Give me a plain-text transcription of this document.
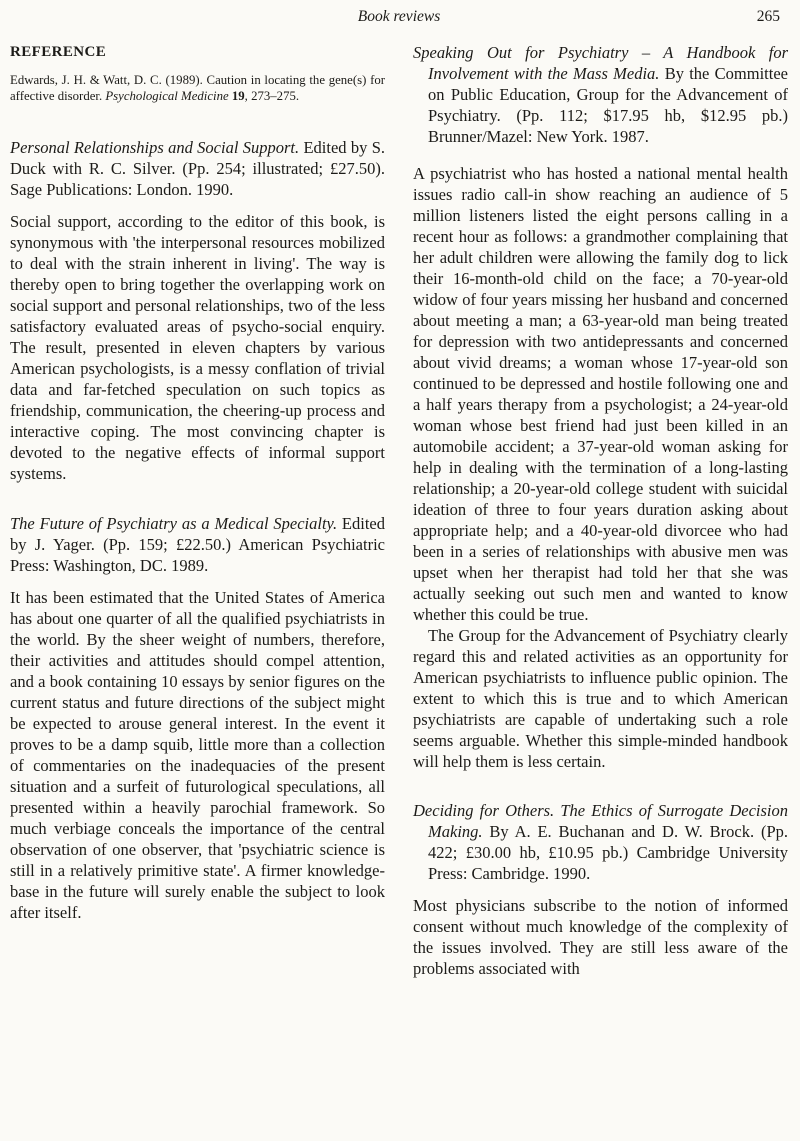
Book reviews	265
REFERENCE

Edwards, J. H. & Watt, D. C. (1989). Caution in locating the gene(s) for affective disorder. Psychological Medicine 19, 273–275.

Personal Relationships and Social Support. Edited by S. Duck with R. C. Silver. (Pp. 254; illustrated; £27.50). Sage Publications: London. 1990.

Social support, according to the editor of this book, is synonymous with 'the interpersonal resources mobilized to deal with the strain inherent in living'. The way is thereby open to bring together the overlapping work on social support and personal relationships, two of the less satisfactory evaluated areas of psycho-social enquiry. The result, presented in eleven chapters by various American psychologists, is a messy conflation of trivial data and far-fetched speculation on such topics as friendship, communication, the cheering-up process and interactive coping. The most convincing chapter is devoted to the negative effects of informal support systems.

The Future of Psychiatry as a Medical Specialty. Edited by J. Yager. (Pp. 159; £22.50.) American Psychiatric Press: Washington, DC. 1989.

It has been estimated that the United States of America has about one quarter of all the qualified psychiatrists in the world. By the sheer weight of numbers, therefore, their activities and attitudes should compel attention, and a book containing 10 essays by senior figures on the current status and future directions of the subject might be expected to arouse general interest. In the event it proves to be a damp squib, little more than a collection of commentaries on the inadequacies of the present situation and a surfeit of futurological speculations, all presented within a heavily parochial framework. So much verbiage conceals the importance of the central observation of one observer, that 'psychiatric science is still in a relatively primitive state'. A firmer knowledge-base in the future will surely enable the subject to look after itself.

Speaking Out for Psychiatry – A Handbook for Involvement with the Mass Media. By the Committee on Public Education, Group for the Advancement of Psychiatry. (Pp. 112; $17.95 hb, $12.95 pb.) Brunner/Mazel: New York. 1987.

A psychiatrist who has hosted a national mental health issues radio call-in show reaching an audience of 5 million listeners listed the eight persons calling in a recent hour as follows: a grandmother complaining that her adult children were allowing the family dog to lick their 16-month-old child on the face; a 70-year-old widow of four years missing her husband and concerned about meeting a man; a 63-year-old man being treated for depression with two antidepressants and concerned about vivid dreams; a woman whose 17-year-old son continued to be depressed and hostile following one and a half years therapy from a psychologist; a 24-year-old woman whose best friend had just been killed in an automobile accident; a 37-year-old woman asking for help in dealing with the termination of a long-lasting relationship; a 20-year-old college student with suicidal ideation of three to four years duration asking about appropriate help; and a 40-year-old divorcee who had been in a series of relationships with abusive men was upset when her therapist had told her that she was actually seeking out such men and wanted to know whether this could be true.

The Group for the Advancement of Psychiatry clearly regard this and related activities as an opportunity for American psychiatrists to influence public opinion. The extent to which this is true and to which American psychiatrists are capable of undertaking such a role seems arguable. Whether this simple-minded handbook will help them is less certain.

Deciding for Others. The Ethics of Surrogate Decision Making. By A. E. Buchanan and D. W. Brock. (Pp. 422; £30.00 hb, £10.95 pb.) Cambridge University Press: Cambridge. 1990.

Most physicians subscribe to the notion of informed consent without much knowledge of the complexity of the issues involved. They are still less aware of the problems associated with
